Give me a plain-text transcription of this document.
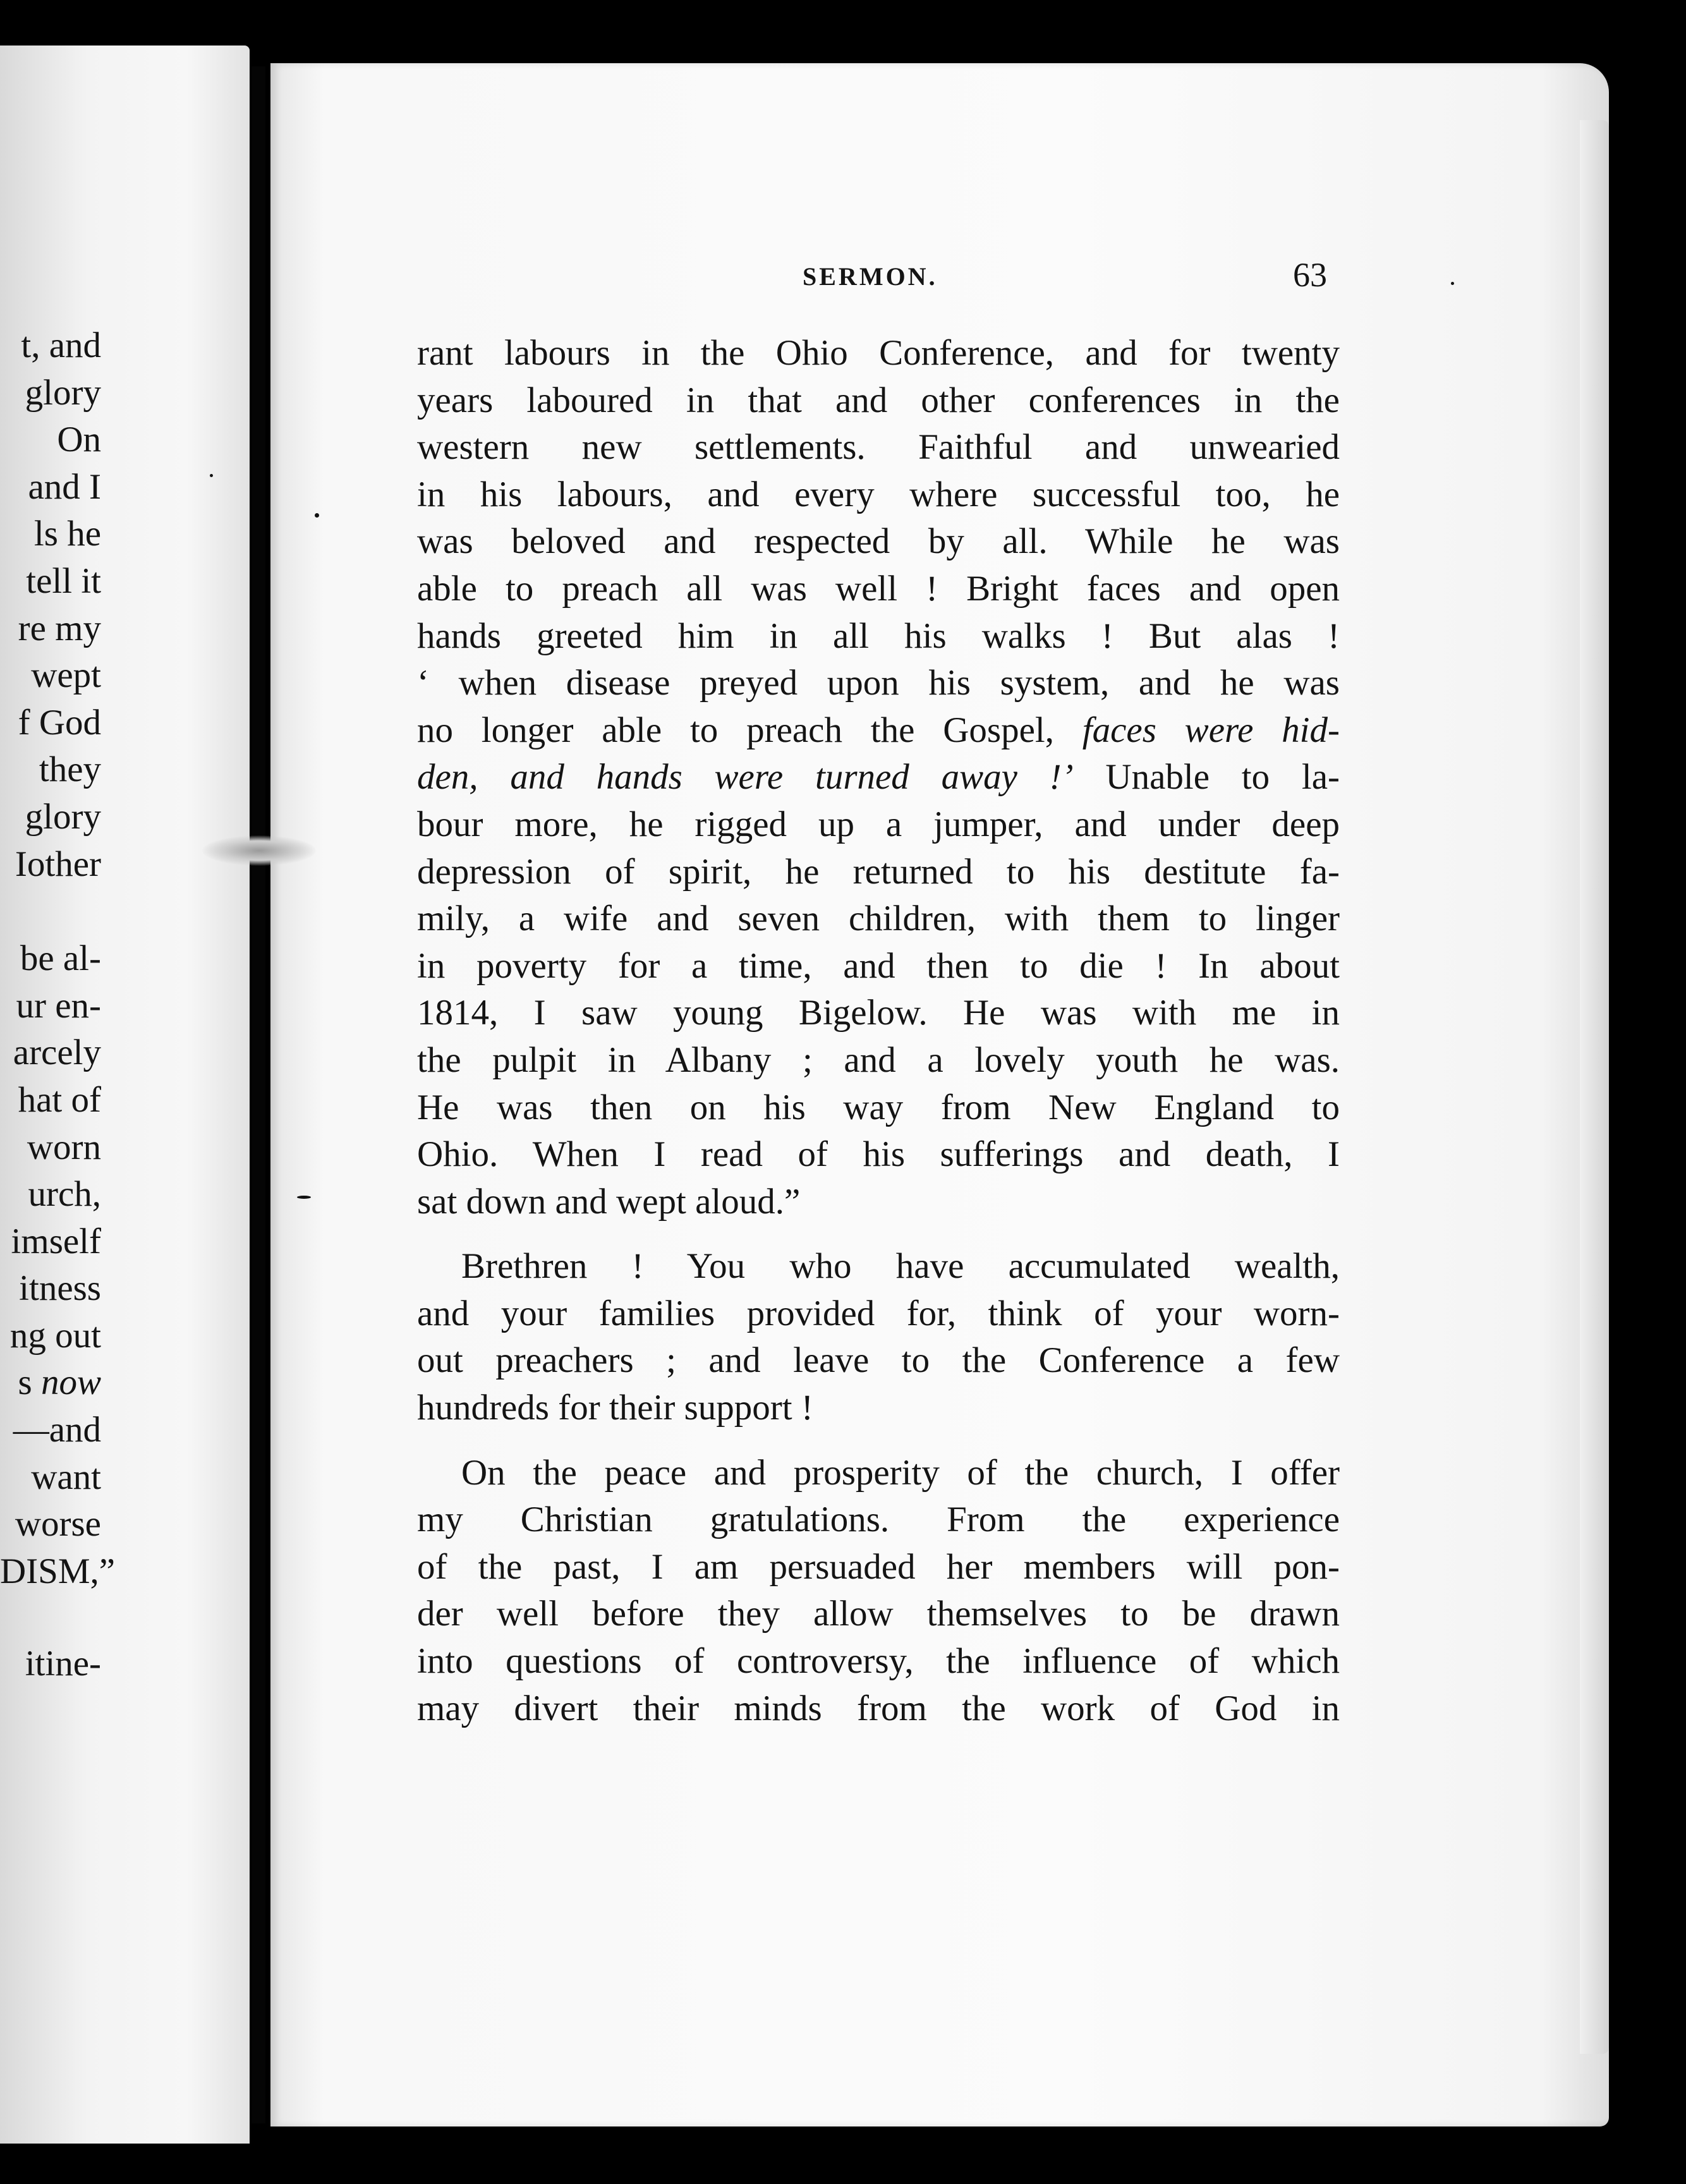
t, and
glory
On
and I
ls he
tell it
re my
wept
f God
they
glory
Iother
be al-
ur en-
arcely
hat of
worn
urch,
imself
itness
ng out
s now
—and
want
worse
DISM,”
itine-
SERMON.	63
rant labours in the Ohio Conference, and for twenty
years laboured in that and other conferences in the
western new settlements. Faithful and unwearied
in his labours, and every where successful too, he
was beloved and respected by all. While he was
able to preach all was well ! Bright faces and open
hands greeted him in all his walks ! But alas !
‘ when disease preyed upon his system, and he was
no longer able to preach the Gospel, faces were hid-
den, and hands were turned away !’ Unable to la-
bour more, he rigged up a jumper, and under deep
depression of spirit, he returned to his destitute fa-
mily, a wife and seven children, with them to linger
in poverty for a time, and then to die ! In about
1814, I saw young Bigelow. He was with me in
the pulpit in Albany ; and a lovely youth he was.
He was then on his way from New England to
Ohio. When I read of his sufferings and death, I
sat down and wept aloud.”
Brethren ! You who have accumulated wealth,
and your families provided for, think of your worn-
out preachers ; and leave to the Conference a few
hundreds for their support !
On the peace and prosperity of the church, I offer
my Christian gratulations. From the experience
of the past, I am persuaded her members will pon-
der well before they allow themselves to be drawn
into questions of controversy, the influence of which
may divert their minds from the work of God in
